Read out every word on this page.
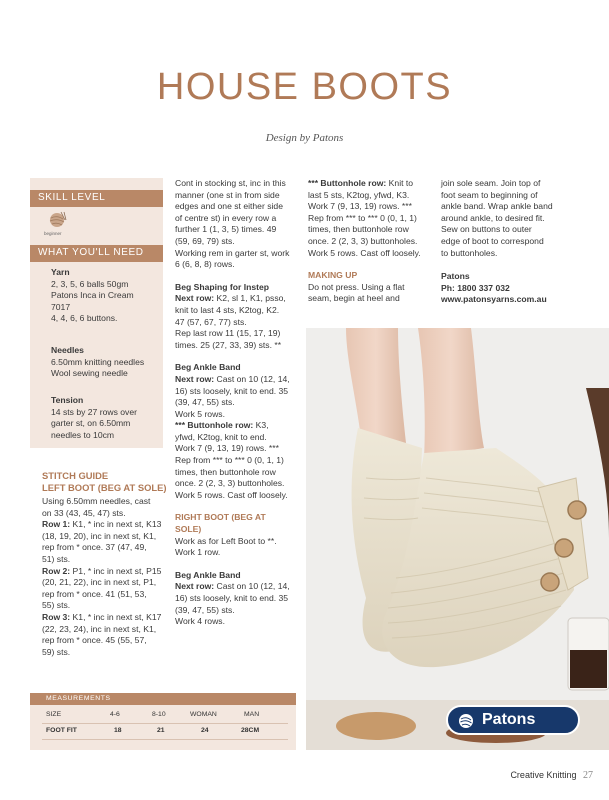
HOUSE BOOTS
Design by Patons
SKILL LEVEL
beginner
WHAT YOU'LL NEED
Yarn
2, 3, 5, 6 balls 50gm
Patons Inca in Cream
7017
4, 4, 6, 6 buttons.
Needles
6.50mm knitting needles
Wool sewing needle
Tension
14 sts by 27 rows over
garter st, on 6.50mm
needles to 10cm
STITCH GUIDE
LEFT BOOT (BEG AT SOLE)
Using 6.50mm needles, cast
on 33 (43, 45, 47) sts.
Row 1: K1, * inc in next st, K13
(18, 19, 20), inc in next st, K1,
rep from * once. 37 (47, 49,
51) sts.
Row 2: P1, * inc in next st, P15
(20, 21, 22), inc in next st, P1,
rep from * once. 41 (51, 53,
55) sts.
Row 3: K1, * inc in next st, K17
(22, 23, 24), inc in next st, K1,
rep from * once. 45 (55, 57,
59) sts.
Cont in stocking st, inc in this
manner (one st in from side
edges and one st either side
of centre st) in every row a
further 1 (1, 3, 5) times. 49
(59, 69, 79) sts.
Working rem in garter st, work
6 (6, 8, 8) rows.
Beg Shaping for Instep
Next row: K2, sl 1, K1, psso,
knit to last 4 sts, K2tog, K2.
47 (57, 67, 77) sts.
Rep last row 11 (15, 17, 19)
times. 25 (27, 33, 39) sts. **
Beg Ankle Band
Next row: Cast on 10 (12, 14,
16) sts loosely, knit to end. 35
(39, 47, 55) sts.
Work 5 rows.
*** Buttonhole row: K3,
yfwd, K2tog, knit to end.
Work 7 (9, 13, 19) rows. ***
Rep from *** to *** 0 (0, 1, 1)
times, then buttonhole row
once. 2 (2, 3, 3) buttonholes.
Work 5 rows. Cast off loosely.
RIGHT BOOT (BEG AT SOLE)
Work as for Left Boot to **.
Work 1 row.
Beg Ankle Band
Next row: Cast on 10 (12, 14,
16) sts loosely, knit to end. 35
(39, 47, 55) sts.
Work 4 rows.
*** Buttonhole row: Knit to
last 5 sts, K2tog, yfwd, K3.
Work 7 (9, 13, 19) rows. ***
Rep from *** to *** 0 (0, 1, 1)
times, then buttonhole row
once. 2 (2, 3, 3) buttonholes.
Work 5 rows. Cast off loosely.
MAKING UP
Do not press. Using a flat
seam, begin at heel and
join sole seam. Join top of
foot seam to beginning of
ankle band. Wrap ankle band
around ankle, to desired fit.
Sew on buttons to outer
edge of boot to correspond
to buttonholes.
Patons
Ph: 1800 337 032
www.patonsyarns.com.au
MEASUREMENTS
SIZE	4-6	8-10	WOMAN	MAN
FOOT FIT	18	21	24	28CM
Patons
Creative Knitting 27
PassionForum.ru
